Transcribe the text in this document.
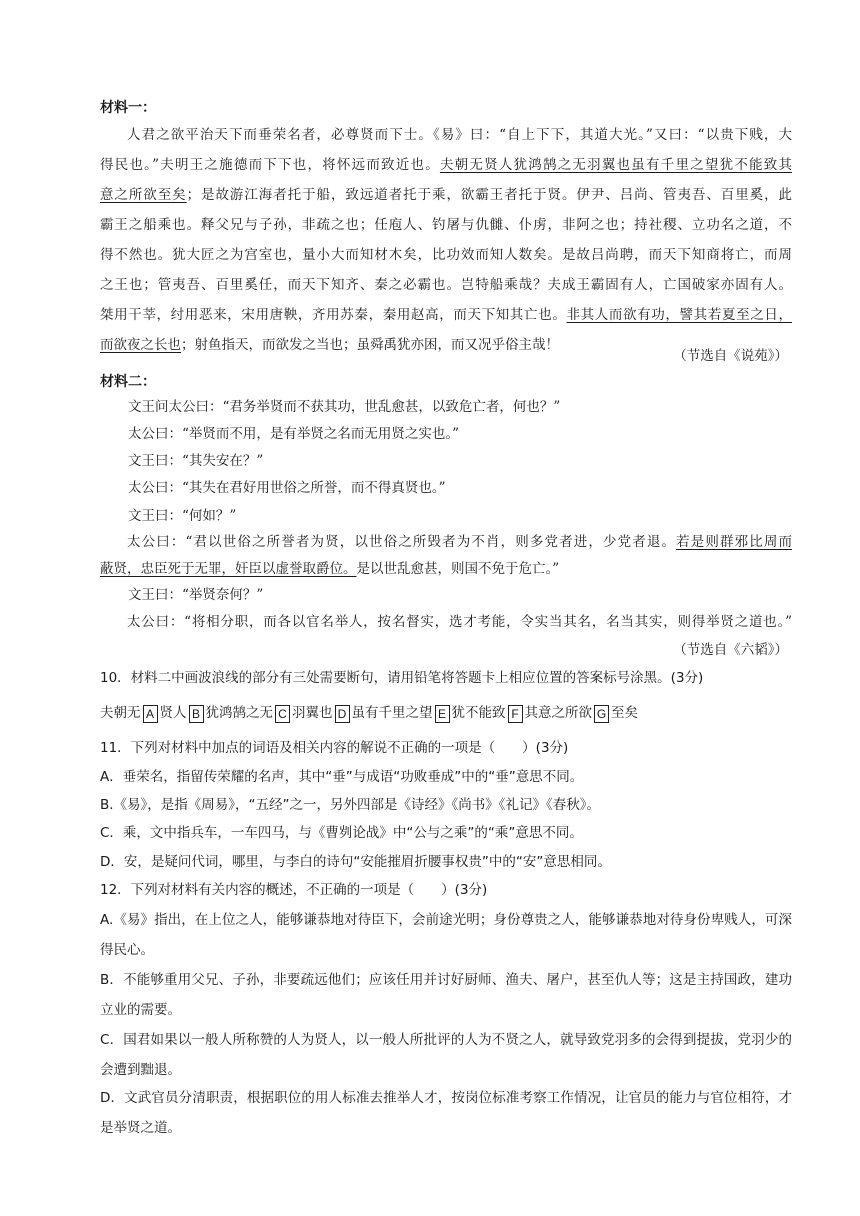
材料一：
人君之欲平治天下而垂荣名者，必尊贤而下士。《易》曰：“自上下下，其道大光。”又曰：“以贵下贱，大
得民也。”夫明王之施德而下下也，将怀远而致近也。夫朝无贤人犹鸿鹄之无羽翼也虽有千里之望犹不能致其
意之所欲至矣；是故游江海者托于船，致远道者托于乘，欲霸王者托于贤。伊尹、吕尚、管夷吾、百里奚，此
霸王之船乘也。释父兄与子孙，非疏之也；任庖人、钓屠与仇雠、仆虏，非阿之也；持社稷、立功名之道，不
得不然也。犹大匠之为宫室也，量小大而知材木矣，比功效而知人数矣。是故吕尚聘，而天下知商将亡，而周
之王也；管夷吾、百里奚任，而天下知齐、秦之必霸也。岂特船乘哉？夫成王霸固有人，亡国破家亦固有人。
桀用干莘，纣用恶来，宋用唐鞅，齐用苏秦，秦用赵高，而天下知其亡也。非其人而欲有功，譬其若夏至之日，
而欲夜之长也；射鱼指天，而欲发之当也；虽舜禹犹亦困，而又况乎俗主哉！
（节选自《说苑》）
材料二：
文王问太公曰：“君务举贤而不获其功，世乱愈甚，以致危亡者，何也？”
太公曰：“举贤而不用，是有举贤之名而无用贤之实也。”
文王曰：“其失安在？”
太公曰：“其失在君好用世俗之所誉，而不得真贤也。”
文王曰：“何如？”
太公曰：“君以世俗之所誉者为贤，以世俗之所毁者为不肖，则多党者进，少党者退。若是则群邪比周而
蔽贤，忠臣死于无罪，奸臣以虚誉取爵位。是以世乱愈甚，则国不免于危亡。”
文王曰：“举贤奈何？”
太公曰：“将相分职，而各以官名举人，按名督实，选才考能，令实当其名，名当其实，则得举贤之道也。”
（节选自《六韬》）
10．材料二中画波浪线的部分有三处需要断句，请用铅笔将答题卡上相应位置的答案标号涂黑。(3分)
夫朝无 A 贤人 B 犹鸿鹄之无 C 羽翼也 D 虽有千里之望 E 犹不能致 F 其意之所欲 G 至矣
11．下列对材料中加点的词语及相关内容的解说不正确的一项是（　　）(3分)
A．垂荣名，指留传荣耀的名声，其中“垂”与成语“功败垂成”中的“垂”意思不同。
B.《易》，是指《周易》，“五经”之一，另外四部是《诗经》《尚书》《礼记》《春秋》。
C．乘，文中指兵车，一车四马，与《曹刿论战》中“公与之乘”的“乘”意思不同。
D．安，是疑问代词，哪里，与李白的诗句“安能摧眉折腰事权贵”中的“安”意思相同。
12．下列对材料有关内容的概述，不正确的一项是（　　）(3分)
A.《易》指出，在上位之人，能够谦恭地对待臣下，会前途光明；身份尊贵之人，能够谦恭地对待身份卑贱人，可深得民心。
B．不能够重用父兄、子孙，非要疏远他们；应该任用并讨好厨师、渔夫、屠户，甚至仇人等；这是主持国政，建功立业的需要。
C．国君如果以一般人所称赞的人为贤人，以一般人所批评的人为不贤之人，就导致党羽多的会得到提拔，党羽少的会遭到黜退。
D．文武官员分清职责，根据职位的用人标准去推举人才，按岗位标准考察工作情况，让官员的能力与官位相符，才是举贤之道。
